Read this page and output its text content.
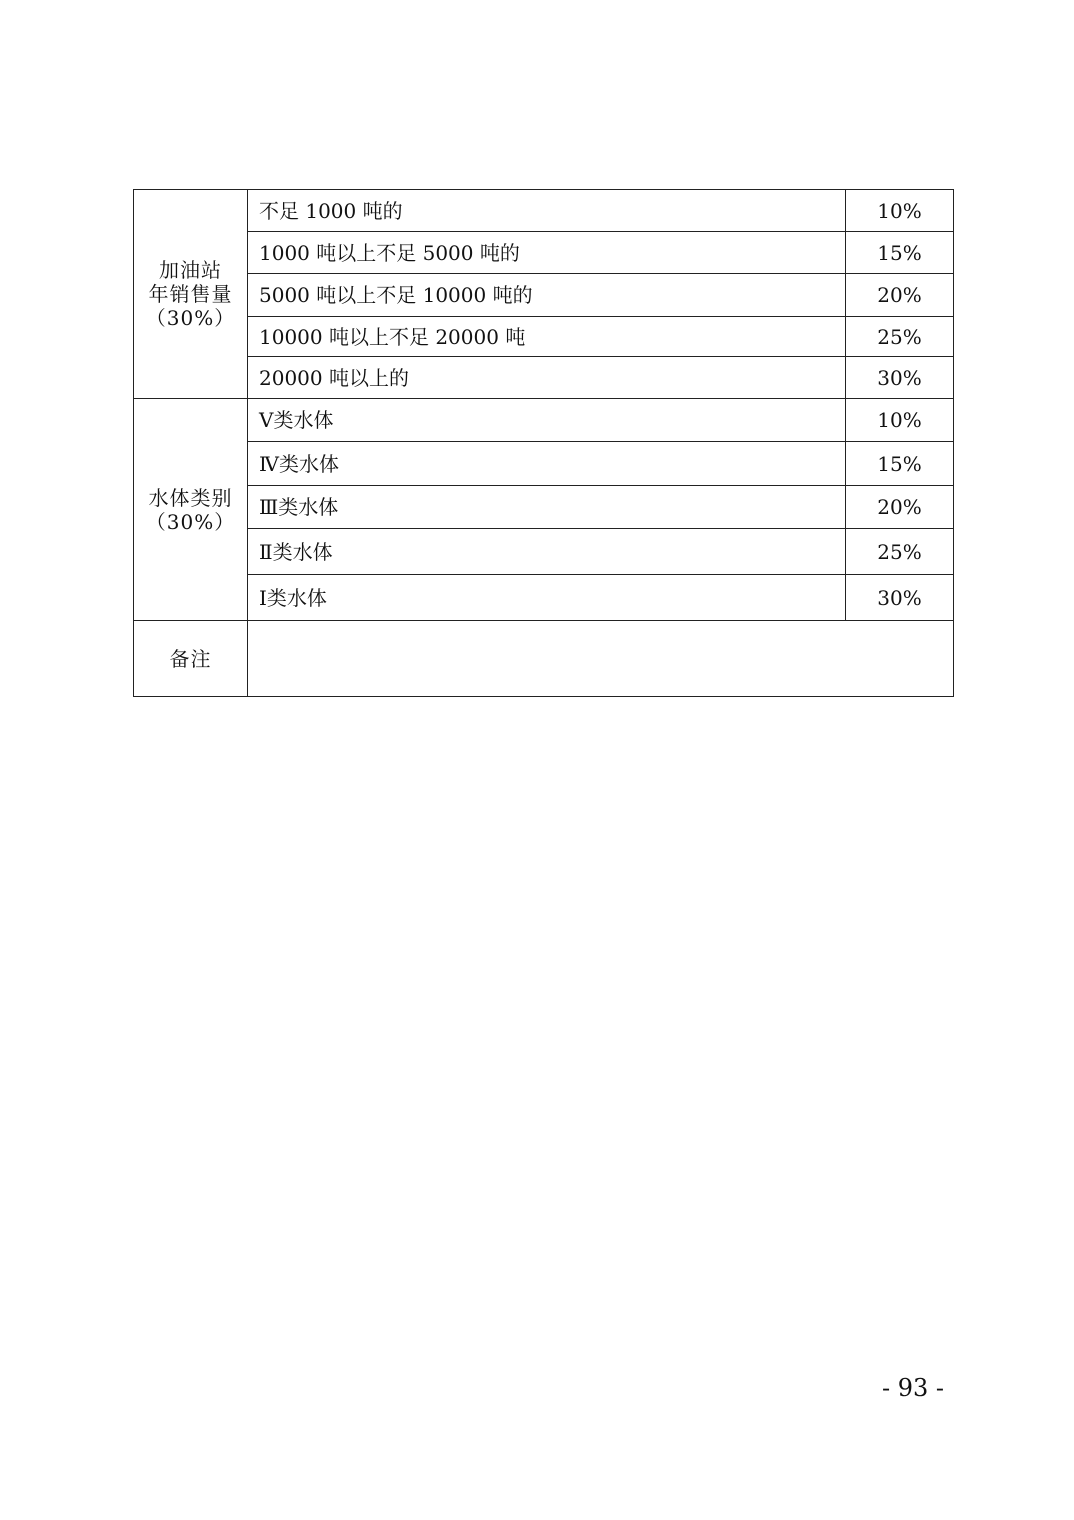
加油站
年销售量
（30%）	不足 1000 吨的	10%
	1000 吨以上不足 5000 吨的	15%
	5000 吨以上不足 10000 吨的	20%
	10000 吨以上不足 20000 吨	25%
	20000 吨以上的	30%

水体类别
（30%）	Ⅴ类水体	10%
	Ⅳ类水体	15%
	Ⅲ类水体	20%
	Ⅱ类水体	25%
	Ⅰ类水体	30%
备注		
- 93 -
